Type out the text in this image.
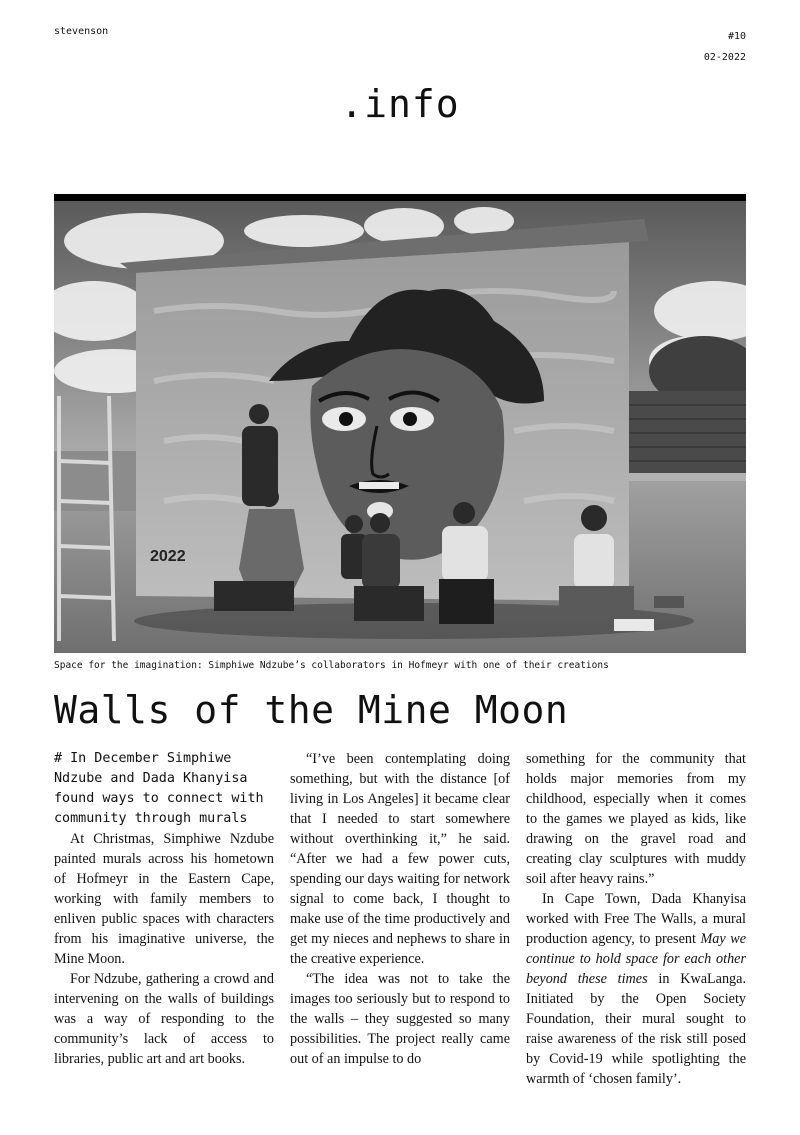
stevenson	#10
02-2022
.info
2022
Space for the imagination: Simphiwe Ndzube’s collaborators in Hofmeyr with one of their creations
Walls of the Mine Moon

# In December Simphiwe Ndzube and Dada Khanyisa found ways to connect with community through murals

At Christmas, Simphiwe Nzdube painted murals across his hometown of Hofmeyr in the Eastern Cape, working with family members to enliven public spaces with characters from his imaginative universe, the Mine Moon.

For Ndzube, gathering a crowd and intervening on the walls of buildings was a way of responding to the community’s lack of access to libraries, public art and art books.

“I’ve been contemplating doing something, but with the distance [of living in Los Angeles] it became clear that I needed to start somewhere without overthinking it,” he said. “After we had a few power cuts, spending our days waiting for network signal to come back, I thought to make use of the time productively and get my nieces and nephews to share in the creative experience.

“The idea was not to take the images too seriously but to respond to the walls – they suggested so many possibilities. The project really came out of an impulse to do

something for the community that holds major memories from my childhood, especially when it comes to the games we played as kids, like drawing on the gravel road and creating clay sculptures with muddy soil after heavy rains.”

In Cape Town, Dada Khanyisa worked with Free The Walls, a mural production agency, to present May we continue to hold space for each other beyond these times in KwaLanga. Initiated by the Open Society Foundation, their mural sought to raise awareness of the risk still posed by Covid-19 while spotlighting the warmth of ‘chosen family’.
